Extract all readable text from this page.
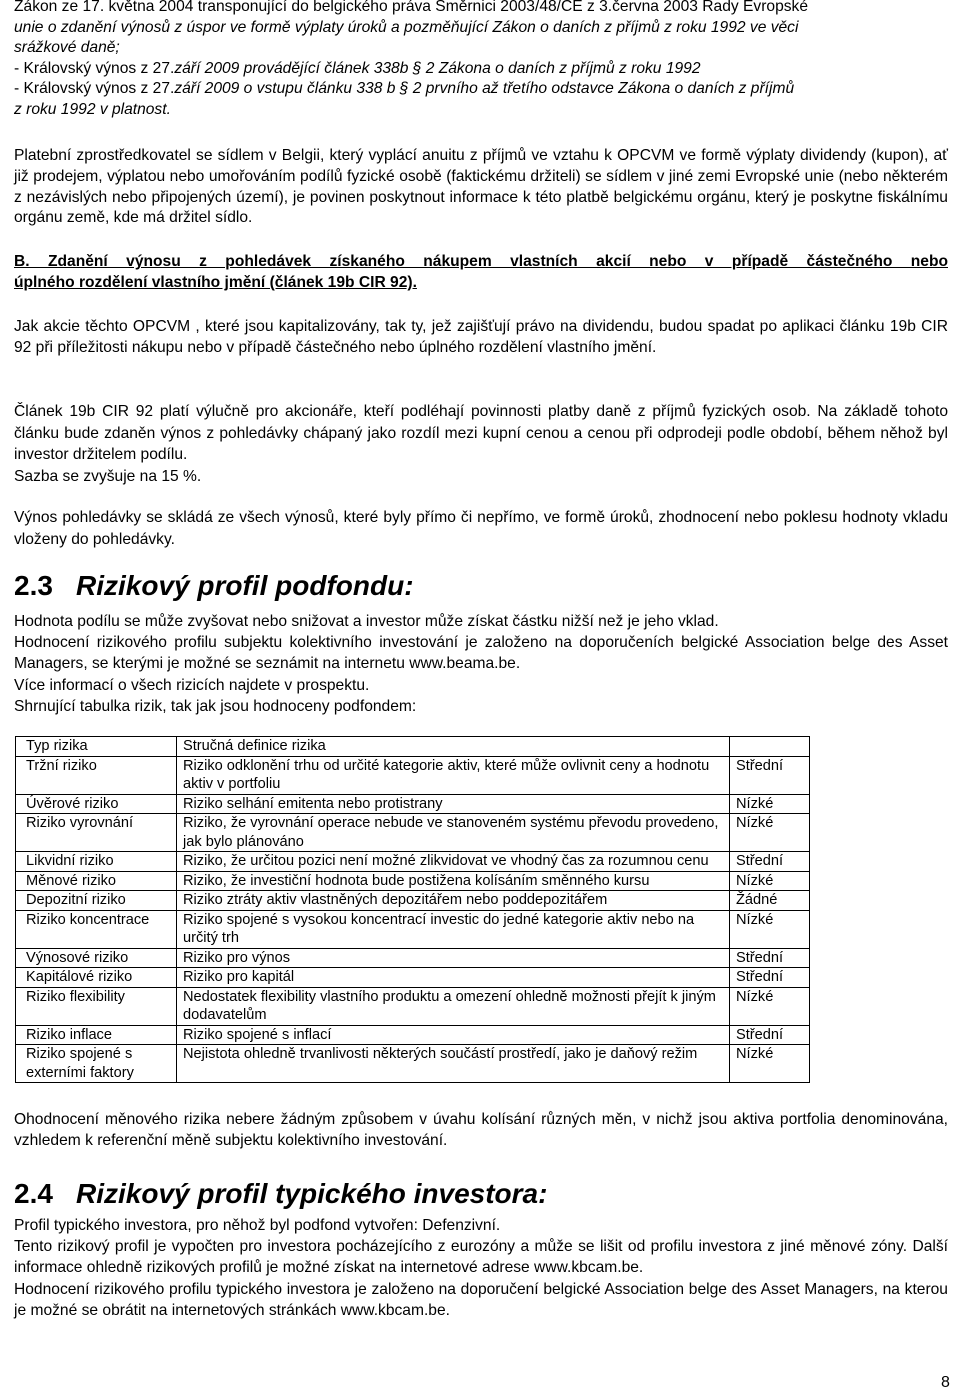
Zákon ze 17. května 2004 transponující do belgického práva Směrnici 2003/48/CE z 3.června 2003 Rady Evropské
unie o zdanění výnosů z úspor ve formě výplaty úroků a pozměňující Zákon o daních z příjmů z roku 1992 ve věci
srážkové daně;
- Královský výnos z 27.září 2009 provádějící článek 338b § 2 Zákona o daních z příjmů z roku 1992
- Královský výnos z 27.září 2009 o vstupu článku 338 b § 2 prvního až třetího odstavce Zákona o daních z příjmů
z roku 1992 v platnost.

Platební zprostředkovatel se sídlem v Belgii, který vyplácí anuitu z příjmů ve vztahu k OPCVM ve formě výplaty dividendy (kupon), ať již prodejem, výplatou nebo umořováním podílů fyzické osobě (faktickému držiteli) se sídlem v jiné zemi Evropské unie (nebo některém z nezávislých nebo připojených území), je povinen poskytnout informace k této platbě belgickému orgánu, který je poskytne fiskálnímu orgánu země, kde má držitel sídlo.

B. Zdanění výnosu z pohledávek získaného nákupem vlastních akcií nebo v případě částečného nebo
úplného rozdělení vlastního jmění (článek 19b CIR 92).

Jak akcie těchto OPCVM , které jsou kapitalizovány, tak ty, jež zajišťují právo na dividendu, budou spadat po aplikaci článku 19b CIR 92 při příležitosti nákupu nebo v případě částečného nebo úplného rozdělení vlastního jmění.

Článek 19b CIR 92 platí výlučně pro akcionáře, kteří podléhají povinnosti platby daně z příjmů fyzických osob. Na základě tohoto článku bude zdaněn výnos z pohledávky chápaný jako rozdíl mezi kupní cenou a cenou při odprodeji podle období, během něhož byl investor držitelem podílu.

Sazba se zvyšuje na 15 %.

Výnos pohledávky se skládá ze všech výnosů, které byly přímo či nepřímo, ve formě úroků, zhodnocení nebo poklesu hodnoty vkladu vloženy do pohledávky.

2.3 Rizikový profil podfondu:
Hodnota podílu se může zvyšovat nebo snižovat a investor může získat částku nižší než je jeho vklad.
Hodnocení rizikového profilu subjektu kolektivního investování je založeno na doporučeních belgické Association belge des Asset Managers, se kterými je možné se seznámit na internetu www.beama.be.
Více informací o všech rizicích najdete v prospektu.
Shrnující tabulka rizik, tak jak jsou hodnoceny podfondem:
Typ rizika	Stručná definice rizika	
Tržní riziko	Riziko odklonění trhu od určité kategorie aktiv, které může ovlivnit ceny a hodnotu aktiv v portfoliu	Střední
Úvěrové riziko	Riziko selhání emitenta nebo protistrany	Nízké
Riziko vyrovnání	Riziko, že vyrovnání operace nebude ve stanoveném systému převodu provedeno, jak bylo plánováno	Nízké
Likvidní riziko	Riziko, že určitou pozici není možné zlikvidovat ve vhodný čas za rozumnou cenu	Střední
Měnové riziko	Riziko, že investiční hodnota bude postižena kolísáním směnného kursu	Nízké
Depozitní riziko	Riziko ztráty aktiv vlastněných depozitářem nebo poddepozitářem	Žádné
Riziko koncentrace	Riziko spojené s vysokou koncentrací investic do jedné kategorie aktiv nebo na určitý trh	Nízké
Výnosové riziko	Riziko pro výnos	Střední
Kapitálové riziko	Riziko pro kapitál	Střední
Riziko flexibility	Nedostatek flexibility vlastního produktu a omezení ohledně možnosti přejít k jiným dodavatelům	Nízké
Riziko inflace	Riziko spojené s inflací	Střední
Riziko spojené s externími faktory	Nejistota ohledně trvanlivosti některých součástí prostředí, jako je daňový režim	Nízké

Ohodnocení měnového rizika nebere žádným způsobem v úvahu kolísání různých měn, v nichž jsou aktiva portfolia denominována, vzhledem k referenční měně subjektu kolektivního investování.

2.4 Rizikový profil typického investora:
Profil typického investora, pro něhož byl podfond vytvořen: Defenzivní.
Tento rizikový profil je vypočten pro investora pocházejícího z eurozóny a může se lišit od profilu investora z jiné měnové zóny. Další informace ohledně rizikových profilů je možné získat na internetové adrese www.kbcam.be.
Hodnocení rizikového profilu typického investora je založeno na doporučení belgické Association belge des Asset Managers, na kterou je možné se obrátit na internetových stránkách www.kbcam.be.
8
